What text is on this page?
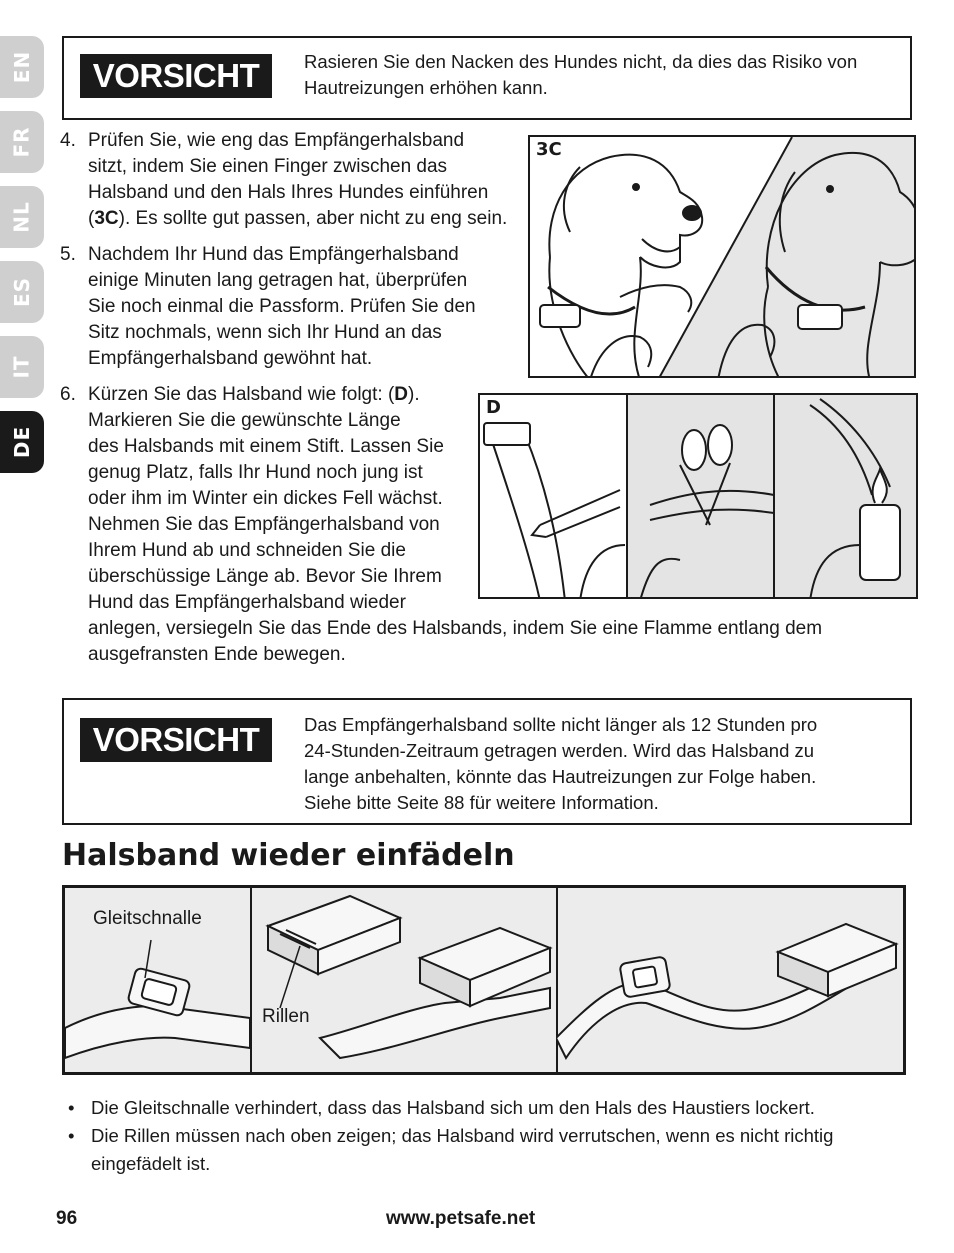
EN
FR
NL
ES
IT
DE
VORSICHT	Rasieren Sie den Nacken des Hundes nicht, da dies das Risiko von
Hautreizungen erhöhen kann.
4. Prüfen Sie, wie eng das Empfängerhalsband
sitzt, indem Sie einen Finger zwischen das
Halsband und den Hals Ihres Hundes einführen
(3C). Es sollte gut passen, aber nicht zu eng sein.
5. Nachdem Ihr Hund das Empfängerhalsband
einige Minuten lang getragen hat, überprüfen
Sie noch einmal die Passform. Prüfen Sie den
Sitz nochmals, wenn sich Ihr Hund an das
Empfängerhalsband gewöhnt hat.
6. Kürzen Sie das Halsband wie folgt: (D).
Markieren Sie die gewünschte Länge
des Halsbands mit einem Stift. Lassen Sie
genug Platz, falls Ihr Hund noch jung ist
oder ihm im Winter ein dickes Fell wächst.
Nehmen Sie das Empfängerhalsband von
Ihrem Hund ab und schneiden Sie die
überschüssige Länge ab. Bevor Sie Ihrem
Hund das Empfängerhalsband wieder
anlegen, versiegeln Sie das Ende des Halsbands, indem Sie eine Flamme entlang dem
ausgefransten Ende bewegen.
3C
D
VORSICHT	Das Empfängerhalsband sollte nicht länger als 12 Stunden pro
24-Stunden-Zeitraum getragen werden. Wird das Halsband zu
lange anbehalten, könnte das Hautreizungen zur Folge haben.
Siehe bitte Seite 88 für weitere Information.
Halsband wieder einfädeln
Gleitschnalle
Rillen
• Die Gleitschnalle verhindert, dass das Halsband sich um den Hals des Haustiers lockert.
• Die Rillen müssen nach oben zeigen; das Halsband wird verrutschen, wenn es nicht richtig eingefädelt ist.
96	www.petsafe.net
